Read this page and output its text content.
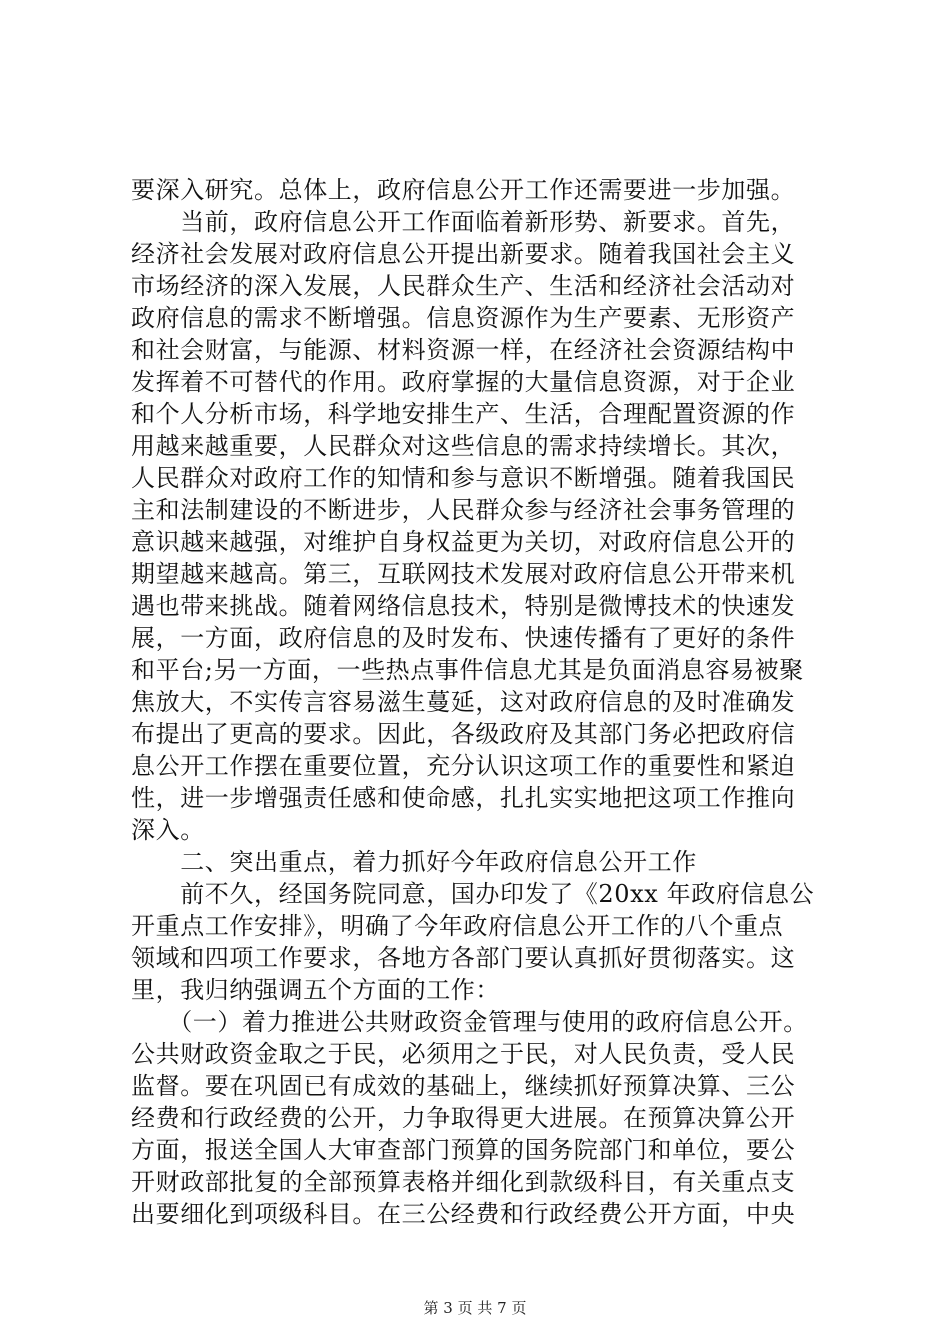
要深入研究。总体上，政府信息公开工作还需要进一步加强。
　　当前，政府信息公开工作面临着新形势、新要求。首先，
经济社会发展对政府信息公开提出新要求。随着我国社会主义
市场经济的深入发展，人民群众生产、生活和经济社会活动对
政府信息的需求不断增强。信息资源作为生产要素、无形资产
和社会财富，与能源、材料资源一样，在经济社会资源结构中
发挥着不可替代的作用。政府掌握的大量信息资源，对于企业
和个人分析市场，科学地安排生产、生活，合理配置资源的作
用越来越重要，人民群众对这些信息的需求持续增长。其次，
人民群众对政府工作的知情和参与意识不断增强。随着我国民
主和法制建设的不断进步，人民群众参与经济社会事务管理的
意识越来越强，对维护自身权益更为关切，对政府信息公开的
期望越来越高。第三，互联网技术发展对政府信息公开带来机
遇也带来挑战。随着网络信息技术，特别是微博技术的快速发
展，一方面，政府信息的及时发布、快速传播有了更好的条件
和平台;另一方面，一些热点事件信息尤其是负面消息容易被聚
焦放大，不实传言容易滋生蔓延，这对政府信息的及时准确发
布提出了更高的要求。因此，各级政府及其部门务必把政府信
息公开工作摆在重要位置，充分认识这项工作的重要性和紧迫
性，进一步增强责任感和使命感，扎扎实实地把这项工作推向
深入。
　　二、突出重点，着力抓好今年政府信息公开工作
　　前不久，经国务院同意，国办印发了《20xx 年政府信息公
开重点工作安排》，明确了今年政府信息公开工作的八个重点
领域和四项工作要求，各地方各部门要认真抓好贯彻落实。这
里，我归纳强调五个方面的工作：
　　（一）着力推进公共财政资金管理与使用的政府信息公开。
公共财政资金取之于民，必须用之于民，对人民负责，受人民
监督。要在巩固已有成效的基础上，继续抓好预算决算、三公
经费和行政经费的公开，力争取得更大进展。在预算决算公开
方面，报送全国人大审查部门预算的国务院部门和单位，要公
开财政部批复的全部预算表格并细化到款级科目，有关重点支
出要细化到项级科目。在三公经费和行政经费公开方面，中央
第 3 页 共 7 页
